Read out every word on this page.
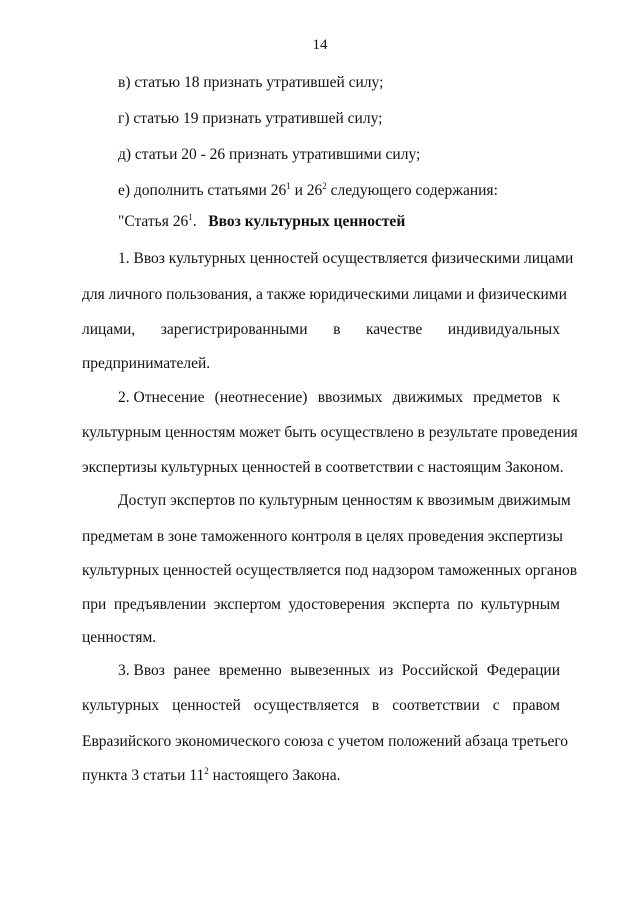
14
в) статью 18 признать утратившей силу;
г) статью 19 признать утратившей силу;
д) статьи 20 - 26 признать утратившими силу;
е) дополнить статьями $26^1$ и $26^2$ следующего содержания:
"Статья $26^1$. Ввоз культурных ценностей
1. Ввоз культурных ценностей осуществляется физическими лицами
для личного пользования, а также юридическими лицами и физическими
лицами, зарегистрированными в качестве индивидуальных
предпринимателей.
2. Отнесение (неотнесение) ввозимых движимых предметов к
культурным ценностям может быть осуществлено в результате проведения
экспертизы культурных ценностей в соответствии с настоящим Законом.
Доступ экспертов по культурным ценностям к ввозимым движимым
предметам в зоне таможенного контроля в целях проведения экспертизы
культурных ценностей осуществляется под надзором таможенных органов
при предъявлении экспертом удостоверения эксперта по культурным
ценностям.
3. Ввоз ранее временно вывезенных из Российской Федерации
культурных ценностей осуществляется в соответствии с правом
Евразийского экономического союза с учетом положений абзаца третьего
пункта 3 статьи $11^2$ настоящего Закона.
